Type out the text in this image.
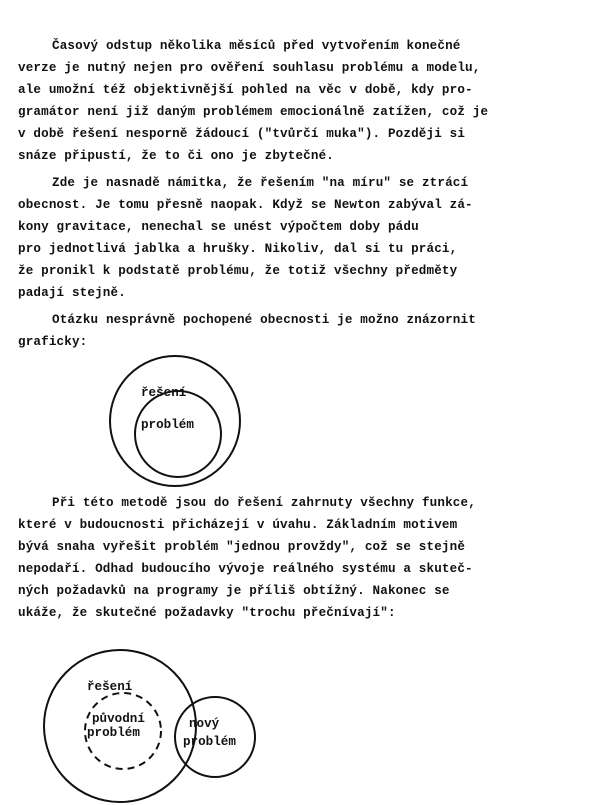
Časový odstup několika měsíců před vytvořením konečné
verze je nutný nejen pro ověření souhlasu problému a modelu,
ale umožní též objektivnější pohled na věc v době, kdy pro-
gramátor není již daným problémem emocionálně zatížen, což je
v době řešení nesporně žádoucí ("tvůrčí muka"). Později si
snáze připustí, že to či ono je zbytečné.
Zde je nasnadě námitka, že řešením "na míru" se ztrácí
obecnost. Je tomu přesně naopak. Když se Newton zabýval zá-
kony gravitace, nenechal se unést výpočtem doby pádu
pro jednotlivá jablka a hrušky. Nikoliv, dal si tu práci,
že pronikl k podstatě problému, že totiž všechny předměty
padají stejně.
Otázku nesprávně pochopené obecnosti je možno znázornit
graficky:
Při této metodě jsou do řešení zahrnuty všechny funkce,
které v budoucnosti přicházejí v úvahu. Základním motivem
bývá snaha vyřešit problém "jednou provždy", což se stejně
nepodaří. Odhad budoucího vývoje reálného systému a skuteč-
ných požadavků na programy je příliš obtížný. Nakonec se
ukáže, že skutečné požadavky "trochu přečnívají":
řešení
problém
řešení
původní
problém
nový
problém
